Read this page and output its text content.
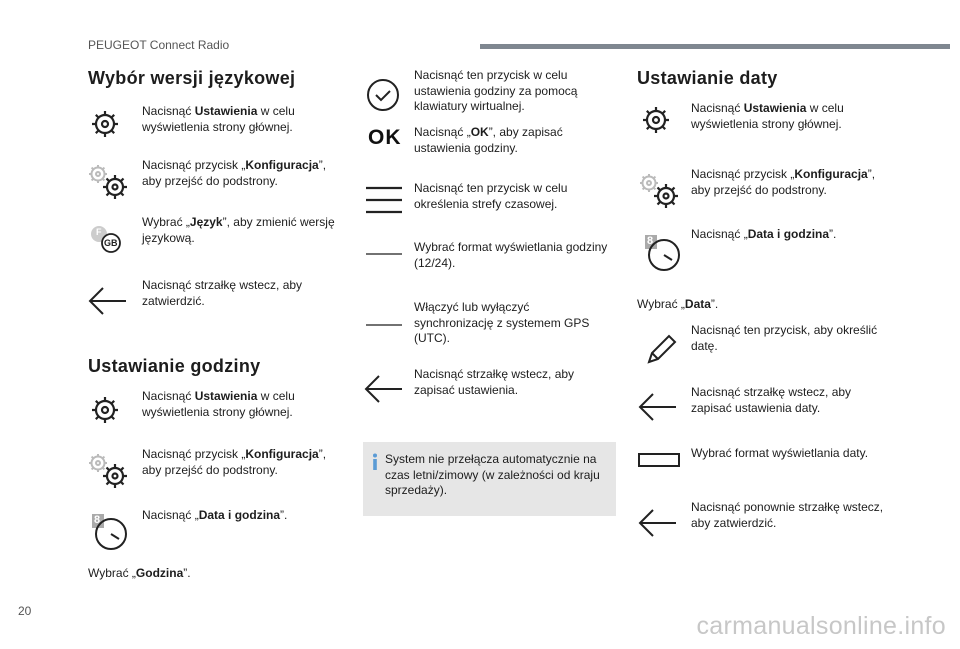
PEUGEOT Connect Radio
Wybór wersji językowej
Nacisnąć Ustawienia w celu wyświetlenia strony głównej.
Nacisnąć przycisk „Konfiguracja”, aby przejść do podstrony.
F
GB
Wybrać „Język”, aby zmienić wersję językową.
Nacisnąć strzałkę wstecz, aby zatwierdzić.
Ustawianie godziny
Nacisnąć Ustawienia w celu wyświetlenia strony głównej.
Nacisnąć przycisk „Konfiguracja”, aby przejść do podstrony.
8	Nacisnąć „Data i godzina”.
Wybrać „Godzina”.
Nacisnąć ten przycisk w celu ustawienia godziny za pomocą klawiatury wirtualnej.
OK Nacisnąć „OK”, aby zapisać ustawienia godziny.
Nacisnąć ten przycisk w celu określenia strefy czasowej.
Wybrać format wyświetlania godziny (12/24).
Włączyć lub wyłączyć synchronizację z systemem GPS (UTC).
Nacisnąć strzałkę wstecz, aby zapisać ustawienia.
System nie przełącza automatycznie na czas letni/zimowy (w zależności od kraju sprzedaży).
Ustawianie daty
Nacisnąć Ustawienia w celu wyświetlenia strony głównej.
Nacisnąć przycisk „Konfiguracja”, aby przejść do podstrony.
8	Nacisnąć „Data i godzina”.
Wybrać „Data”.
Nacisnąć ten przycisk, aby określić datę.
Nacisnąć strzałkę wstecz, aby zapisać ustawienia daty.
Wybrać format wyświetlania daty.
Nacisnąć ponownie strzałkę wstecz, aby zatwierdzić.
20
carmanualsonline.info
